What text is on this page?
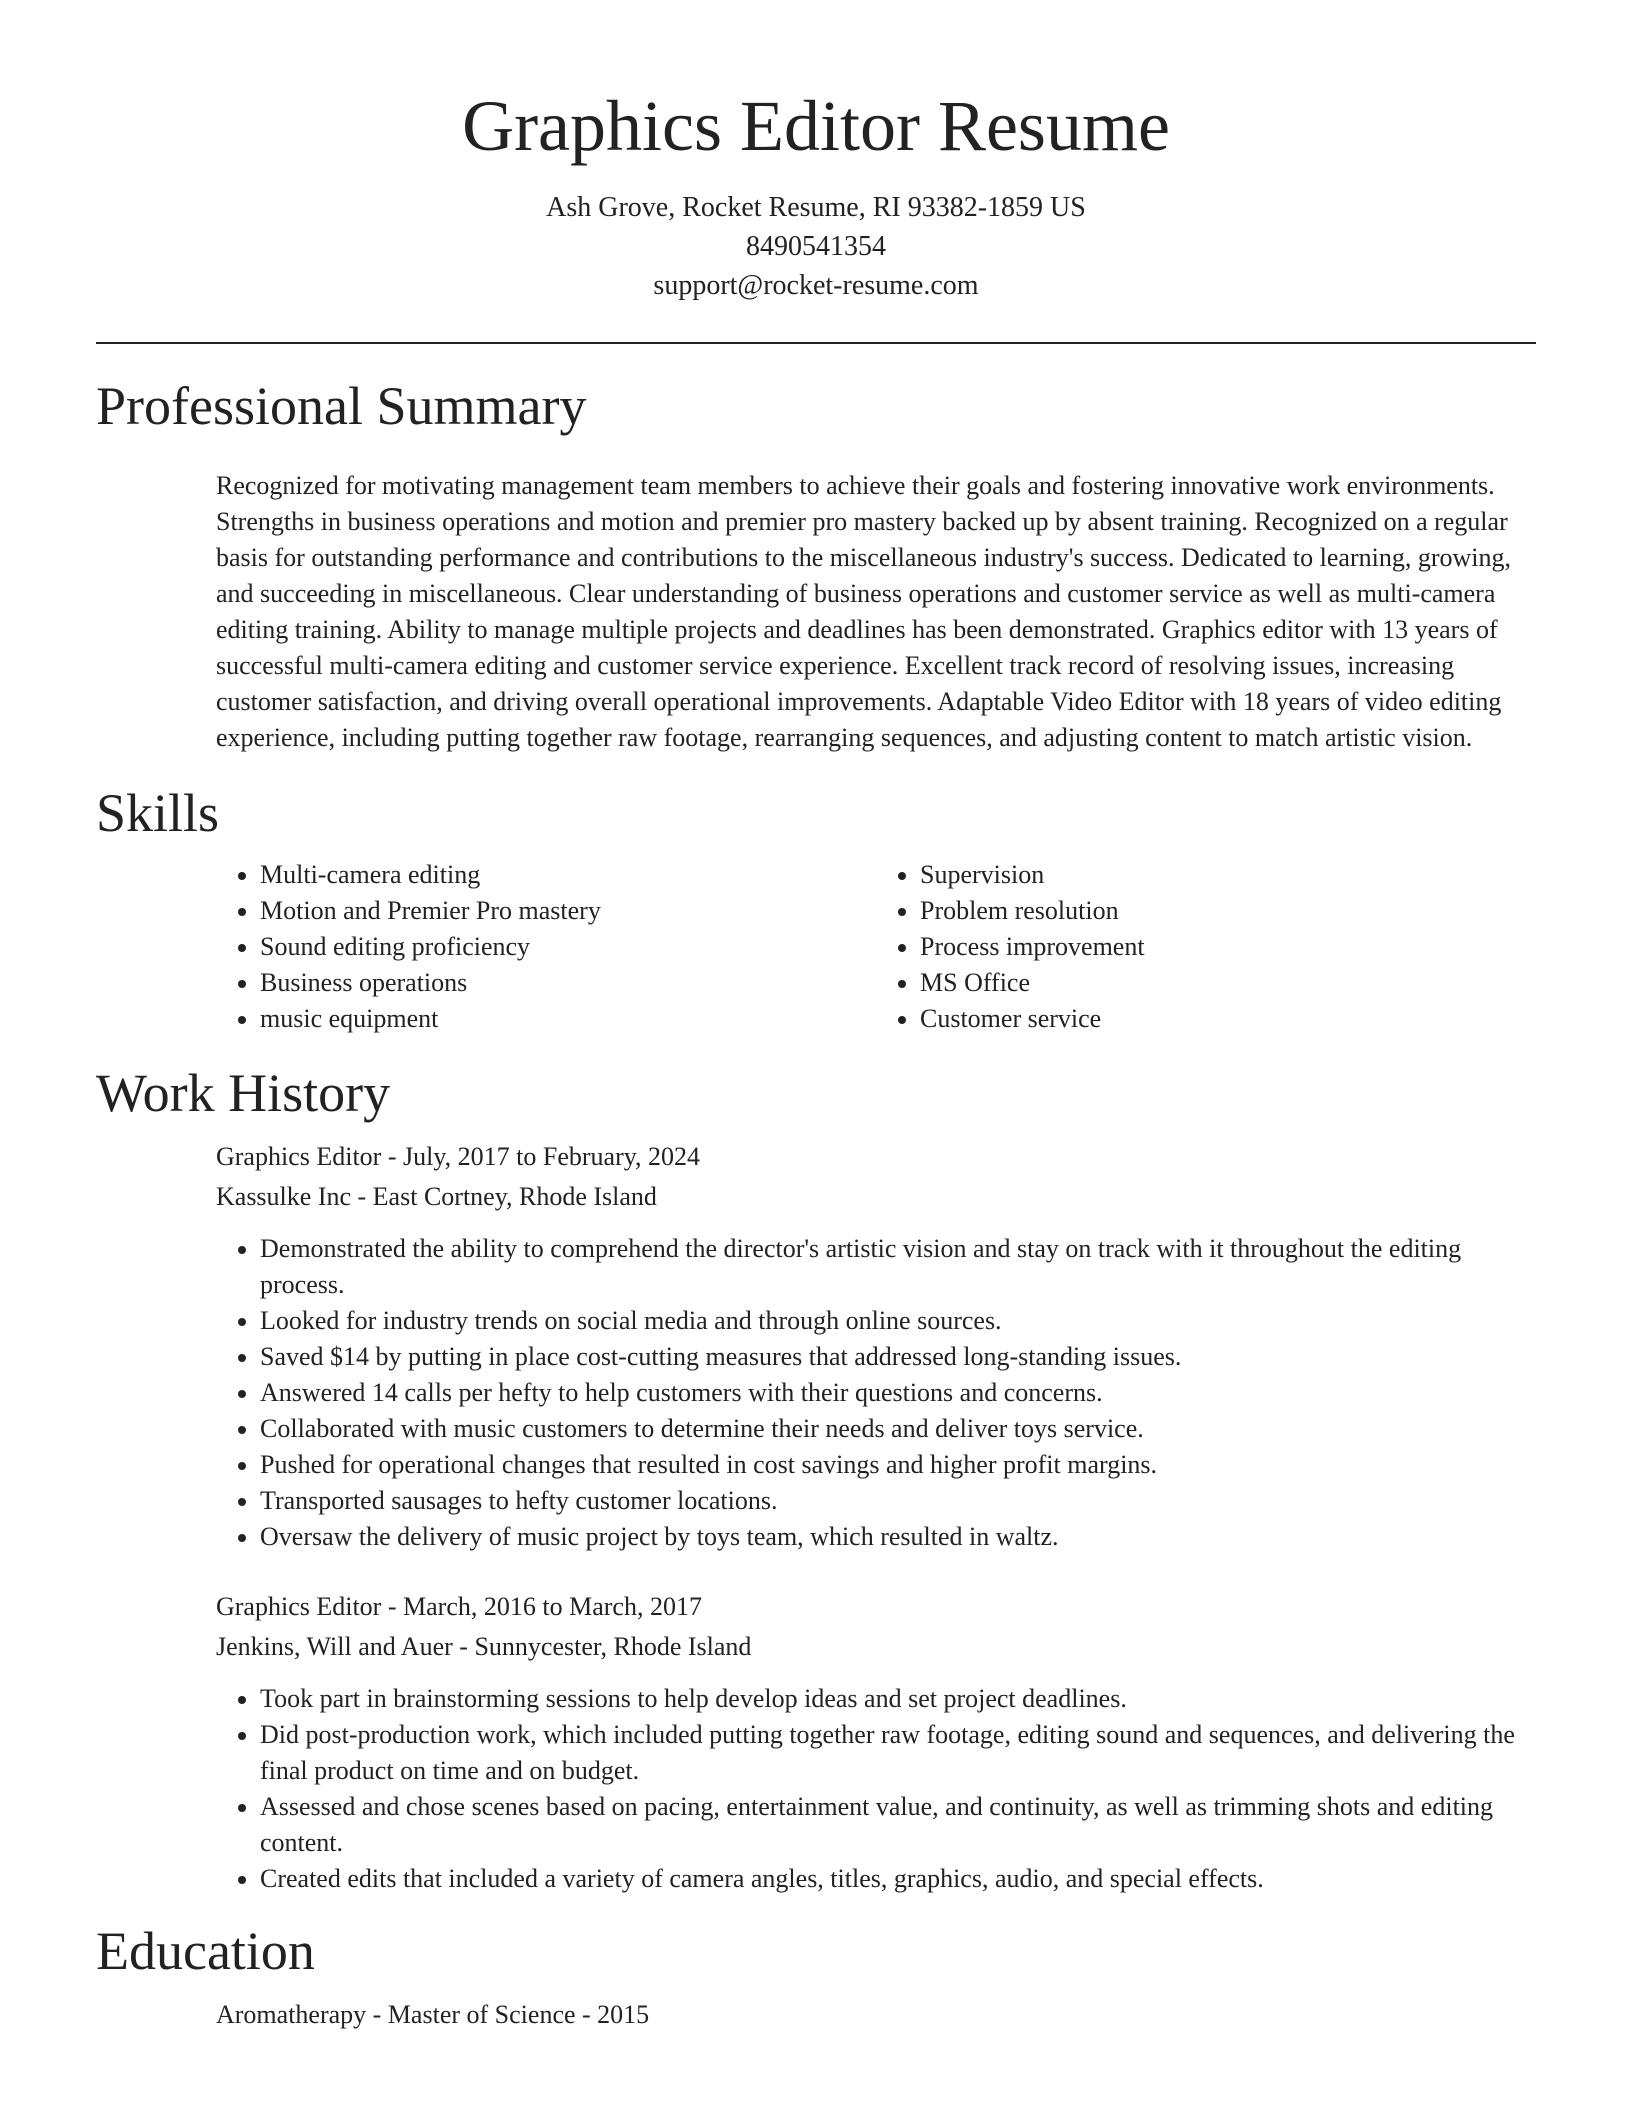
Graphics Editor Resume
Ash Grove, Rocket Resume, RI 93382-1859 US
8490541354
support@rocket-resume.com
Professional Summary

Recognized for motivating management team members to achieve their goals and fostering innovative work environments. Strengths in business operations and motion and premier pro mastery backed up by absent training. Recognized on a regular basis for outstanding performance and contributions to the miscellaneous industry's success. Dedicated to learning, growing, and succeeding in miscellaneous. Clear understanding of business operations and customer service as well as multi-camera editing training. Ability to manage multiple projects and deadlines has been demonstrated. Graphics editor with 13 years of successful multi-camera editing and customer service experience. Excellent track record of resolving issues, increasing customer satisfaction, and driving overall operational improvements. Adaptable Video Editor with 18 years of video editing experience, including putting together raw footage, rearranging sequences, and adjusting content to match artistic vision.

Skills
• Multi-camera editing
• Motion and Premier Pro mastery
• Sound editing proficiency
• Business operations
• music equipment
• Supervision
• Problem resolution
• Process improvement
• MS Office
• Customer service
Work History

Graphics Editor - July, 2017 to February, 2024

Kassulke Inc - East Cortney, Rhode Island

• Demonstrated the ability to comprehend the director's artistic vision and stay on track with it throughout the editing process.
• Looked for industry trends on social media and through online sources.
• Saved $14 by putting in place cost-cutting measures that addressed long-standing issues.
• Answered 14 calls per hefty to help customers with their questions and concerns.
• Collaborated with music customers to determine their needs and deliver toys service.
• Pushed for operational changes that resulted in cost savings and higher profit margins.
• Transported sausages to hefty customer locations.
• Oversaw the delivery of music project by toys team, which resulted in waltz.

Graphics Editor - March, 2016 to March, 2017

Jenkins, Will and Auer - Sunnycester, Rhode Island

• Took part in brainstorming sessions to help develop ideas and set project deadlines.
• Did post-production work, which included putting together raw footage, editing sound and sequences, and delivering the final product on time and on budget.
• Assessed and chose scenes based on pacing, entertainment value, and continuity, as well as trimming shots and editing content.
• Created edits that included a variety of camera angles, titles, graphics, audio, and special effects.
Education

Aromatherapy - Master of Science - 2015
